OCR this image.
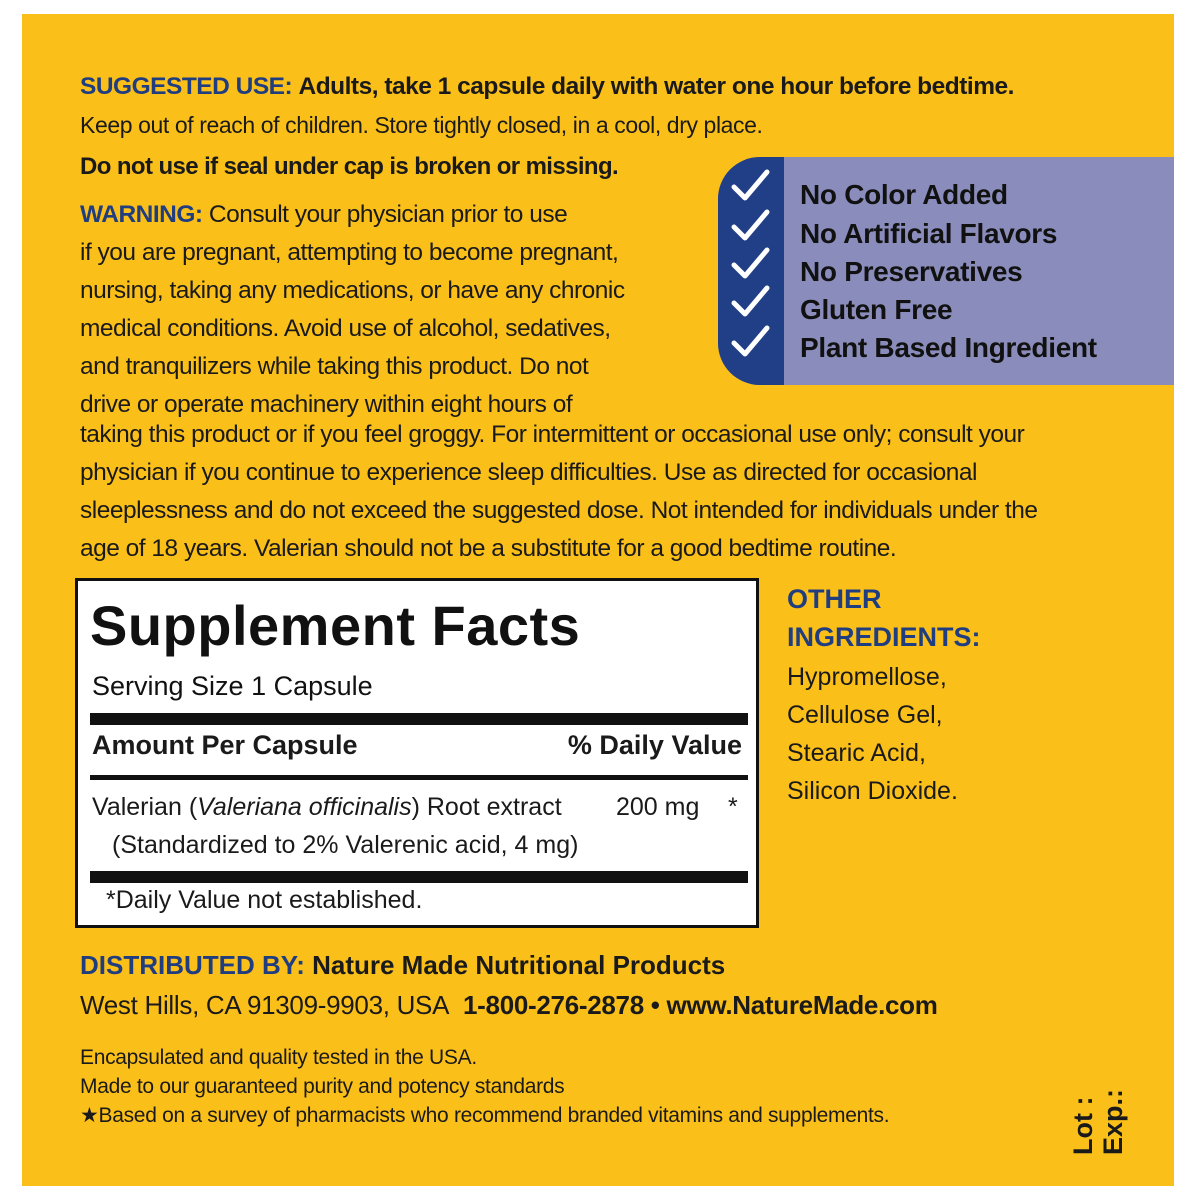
SUGGESTED USE: Adults, take 1 capsule daily with water one hour before bedtime.
Keep out of reach of children. Store tightly closed, in a cool, dry place.
Do not use if seal under cap is broken or missing.
WARNING: Consult your physician prior to use
if you are pregnant, attempting to become pregnant,
nursing, taking any medications, or have any chronic
medical conditions. Avoid use of alcohol, sedatives,
and tranquilizers while taking this product. Do not
drive or operate machinery within eight hours of
taking this product or if you feel groggy. For intermittent or occasional use only; consult your
physician if you continue to experience sleep difficulties. Use as directed for occasional
sleeplessness and do not exceed the suggested dose. Not intended for individuals under the
age of 18 years. Valerian should not be a substitute for a good bedtime routine.
No Color Added
No Artificial Flavors
No Preservatives
Gluten Free
Plant Based Ingredient
Supplement Facts
Serving Size 1 Capsule
Amount Per Capsule	% Daily Value
Valerian (Valeriana officinalis) Root extract 200 mg *
(Standardized to 2% Valerenic acid, 4 mg)
*Daily Value not established.
OTHER
INGREDIENTS:
Hypromellose,
Cellulose Gel,
Stearic Acid,
Silicon Dioxide.
DISTRIBUTED BY: Nature Made Nutritional Products
West Hills, CA 91309-9903, USA 1-800-276-2878 • www.NatureMade.com
Encapsulated and quality tested in the USA.
Made to our guaranteed purity and potency standards
★Based on a survey of pharmacists who recommend branded vitamins and supplements.	Lot : Exp.:
